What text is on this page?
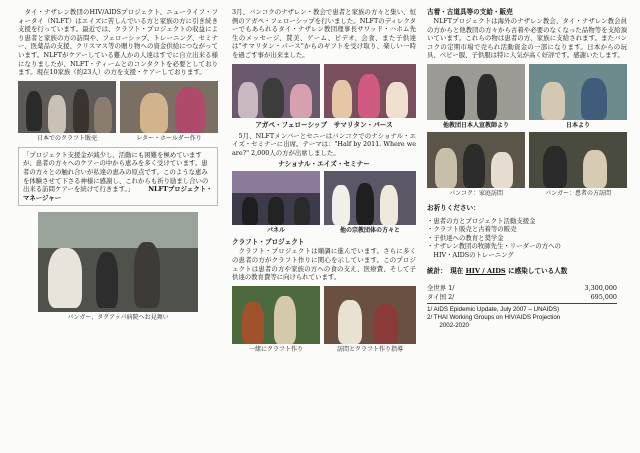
　タイ・ナザレン教団のHIV/AIDSプロジェクト、ニューライフ・フォータイ（NLFT）はエイズに苦しんでいる方と家族の方に引き続き支援を行っています。最近では、クラフト・プロジェクトの収益により患者と家族の方の訪問や、フェローシップ、トレーニング、セミナー、医薬品の支援、クリスマス等の贈り物への資金供給につながっています。NLFTがケアーしている難人かの人達はすでに自立出来る様になりましたが、NLFT・ティームとのコンタクトを必要としております。現在10家族（約23人）の方を支援・ケアーしております。

日本でのクラフト販売	レター・ホールダー作り
「プロジェクト支援金が減少し、活動にも困難を極めていますが、患者の方々へのケアーの中から恵みを多く受けています。患者の方々との触れ合いが私達の恵みの原点です。このような恵みを体験させて下さる神様に感謝し、これからも祈り励まし合いの出来る訪問ケアーを続けて行きます。」 NLFTプロジェクト・マネージャー
バンガー、タクアッパ病院へお見舞い

3月、バンコクのナザレン・教会で患者と家族の方々と集い、恒例のアガペ・フェローシップを行いました。NLFTのディレクターでもあられるタイ・ナザレン教団理事長サワッド・ハホム先生のメッセージ、賛美、ゲーム、ビデオ、会食、また子供達は"サマリタン・パース"からのギフトを受け取り、楽しい一時を過ごす事が出来ました。

アガペ・フェローシップ　サマリタン・パース

　5月、NLFTメンバーとセニーはバンコクでのナショナル・エイズ・セミナーに出席。テーマは："Half by 2011. Where we are?" 2,000人の方が出席しました。

ナショナル・エイズ・セミナー
パネル	他の宗教団体の方々と
クラフト・プロジェクト

　クラフト・プロジェクトは順調に進んでいます。さらに多くの患者の方がクラフト作りに関心を示しています。このプロジェクトは患者の方や家族の方への食の支え、医療費、そして子供達の教育費等に向けられています。

一緒にクラフト作り	訪問とクラフト作り指導
古着・古道具等の支給・販売

　NLFTプロジェクトは海外のナザレン教会、タイ・ナザレン教会員の方からと他教団の方々から古着や必要のなくなった品物等を支給頂いています。これらの物は患者の方、家族に支給されます。またバンコクの定期市場で売られ活動資金の一部になります。日本からの玩具、ベビー服、子供服は特に人気が高く好評です。感謝いたします。

他教団日本人宣教師より	日本より
バンコク：家庭訪問	バンガー：患者の方訪問
お祈りください：
・患者の方とプロジェクト活動支援金
・クラフト販売と古着等の販売
・子供達への教育と奨学金
・ナザレン教団の牧師先生・リーダーの方への
　HIV・AIDSのトレーニング
統計：　現在 HIV / AIDS に感染している人数
全世界 1/	3,300,000
タイ国 2/	695,000
1/ AIDS Epidemic Update, July 2007 – UNAIDS)
2/ THAI Working Groups on HIV/AIDS Projection
　　2002-2020
